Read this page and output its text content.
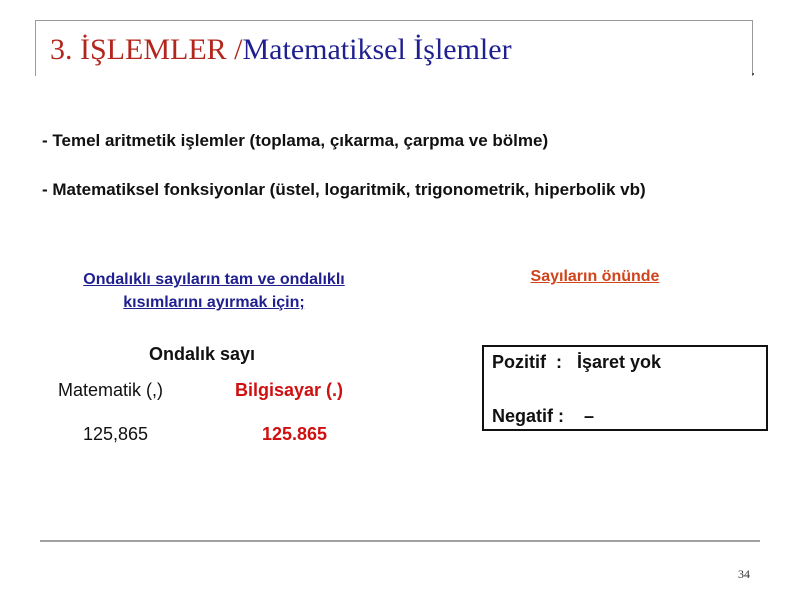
3. İŞLEMLER /Matematiksel İşlemler
- Temel aritmetik işlemler (toplama, çıkarma, çarpma ve bölme)
- Matematiksel fonksiyonlar (üstel, logaritmik, trigonometrik, hiperbolik vb)
Ondalıklı sayıların tam ve ondalıklı
kısımlarını ayırmak için;
Sayıların önünde
Ondalık sayı
Matematik (,)	Bilgisayar (.)
125,865	125.865
Pozitif  :   İşaret yok
Negatif :    –
34
